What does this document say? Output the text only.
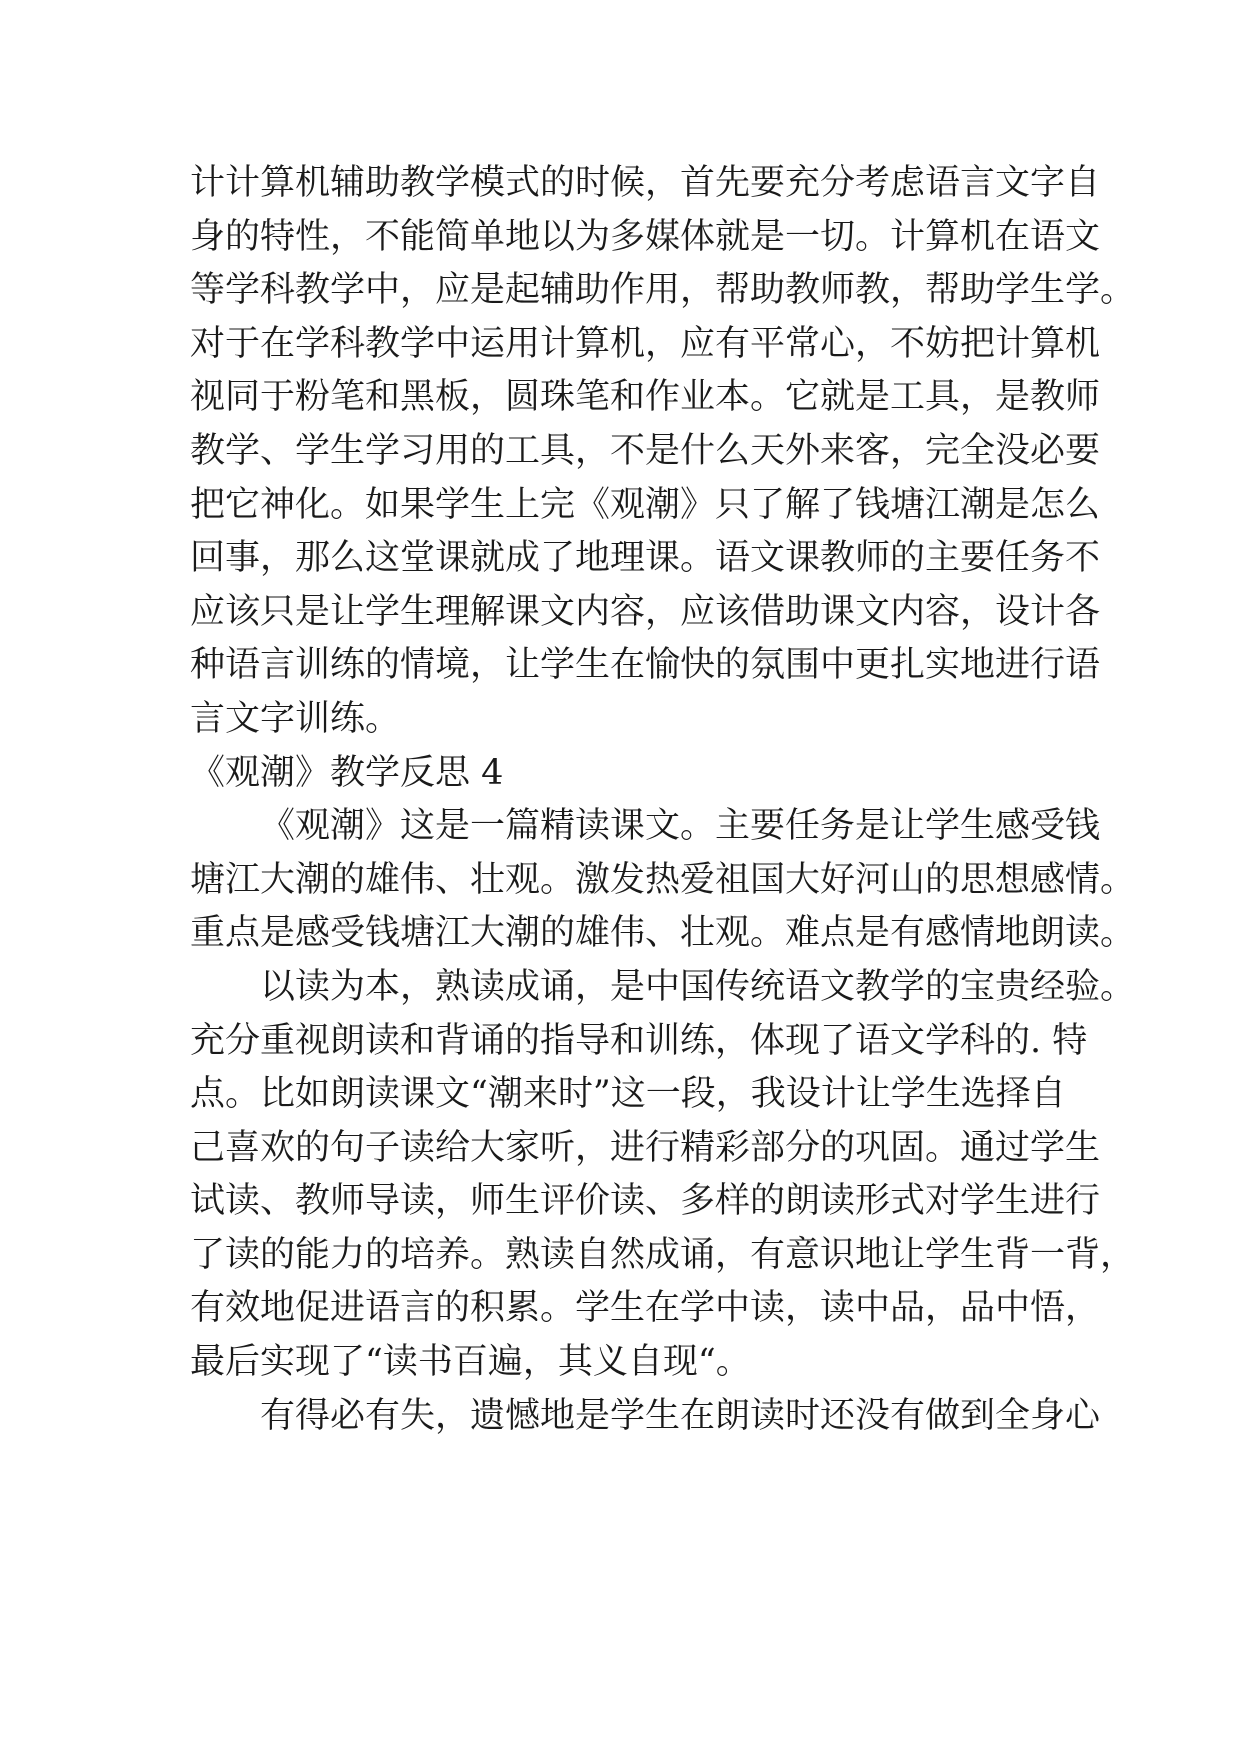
计计算机辅助教学模式的时候，首先要充分考虑语言文字自
身的特性，不能简单地以为多媒体就是一切。计算机在语文
等学科教学中，应是起辅助作用，帮助教师教，帮助学生学。
对于在学科教学中运用计算机，应有平常心，不妨把计算机
视同于粉笔和黑板，圆珠笔和作业本。它就是工具，是教师
教学、学生学习用的工具，不是什么天外来客，完全没必要
把它神化。如果学生上完《观潮》只了解了钱塘江潮是怎么
回事，那么这堂课就成了地理课。语文课教师的主要任务不
应该只是让学生理解课文内容，应该借助课文内容，设计各
种语言训练的情境，让学生在愉快的氛围中更扎实地进行语
言文字训练。
《观潮》教学反思 4
《观潮》这是一篇精读课文。主要任务是让学生感受钱
塘江大潮的雄伟、壮观。激发热爱祖国大好河山的思想感情。
重点是感受钱塘江大潮的雄伟、壮观。难点是有感情地朗读。
以读为本，熟读成诵，是中国传统语文教学的宝贵经验。
充分重视朗读和背诵的指导和训练，体现了语文学科的. 特
点。比如朗读课文“潮来时”这一段，我设计让学生选择自
己喜欢的句子读给大家听，进行精彩部分的巩固。通过学生
试读、教师导读，师生评价读、多样的朗读形式对学生进行
了读的能力的培养。熟读自然成诵，有意识地让学生背一背，
有效地促进语言的积累。学生在学中读，读中品，品中悟，
最后实现了“读书百遍，其义自现“。
有得必有失，遗憾地是学生在朗读时还没有做到全身心
